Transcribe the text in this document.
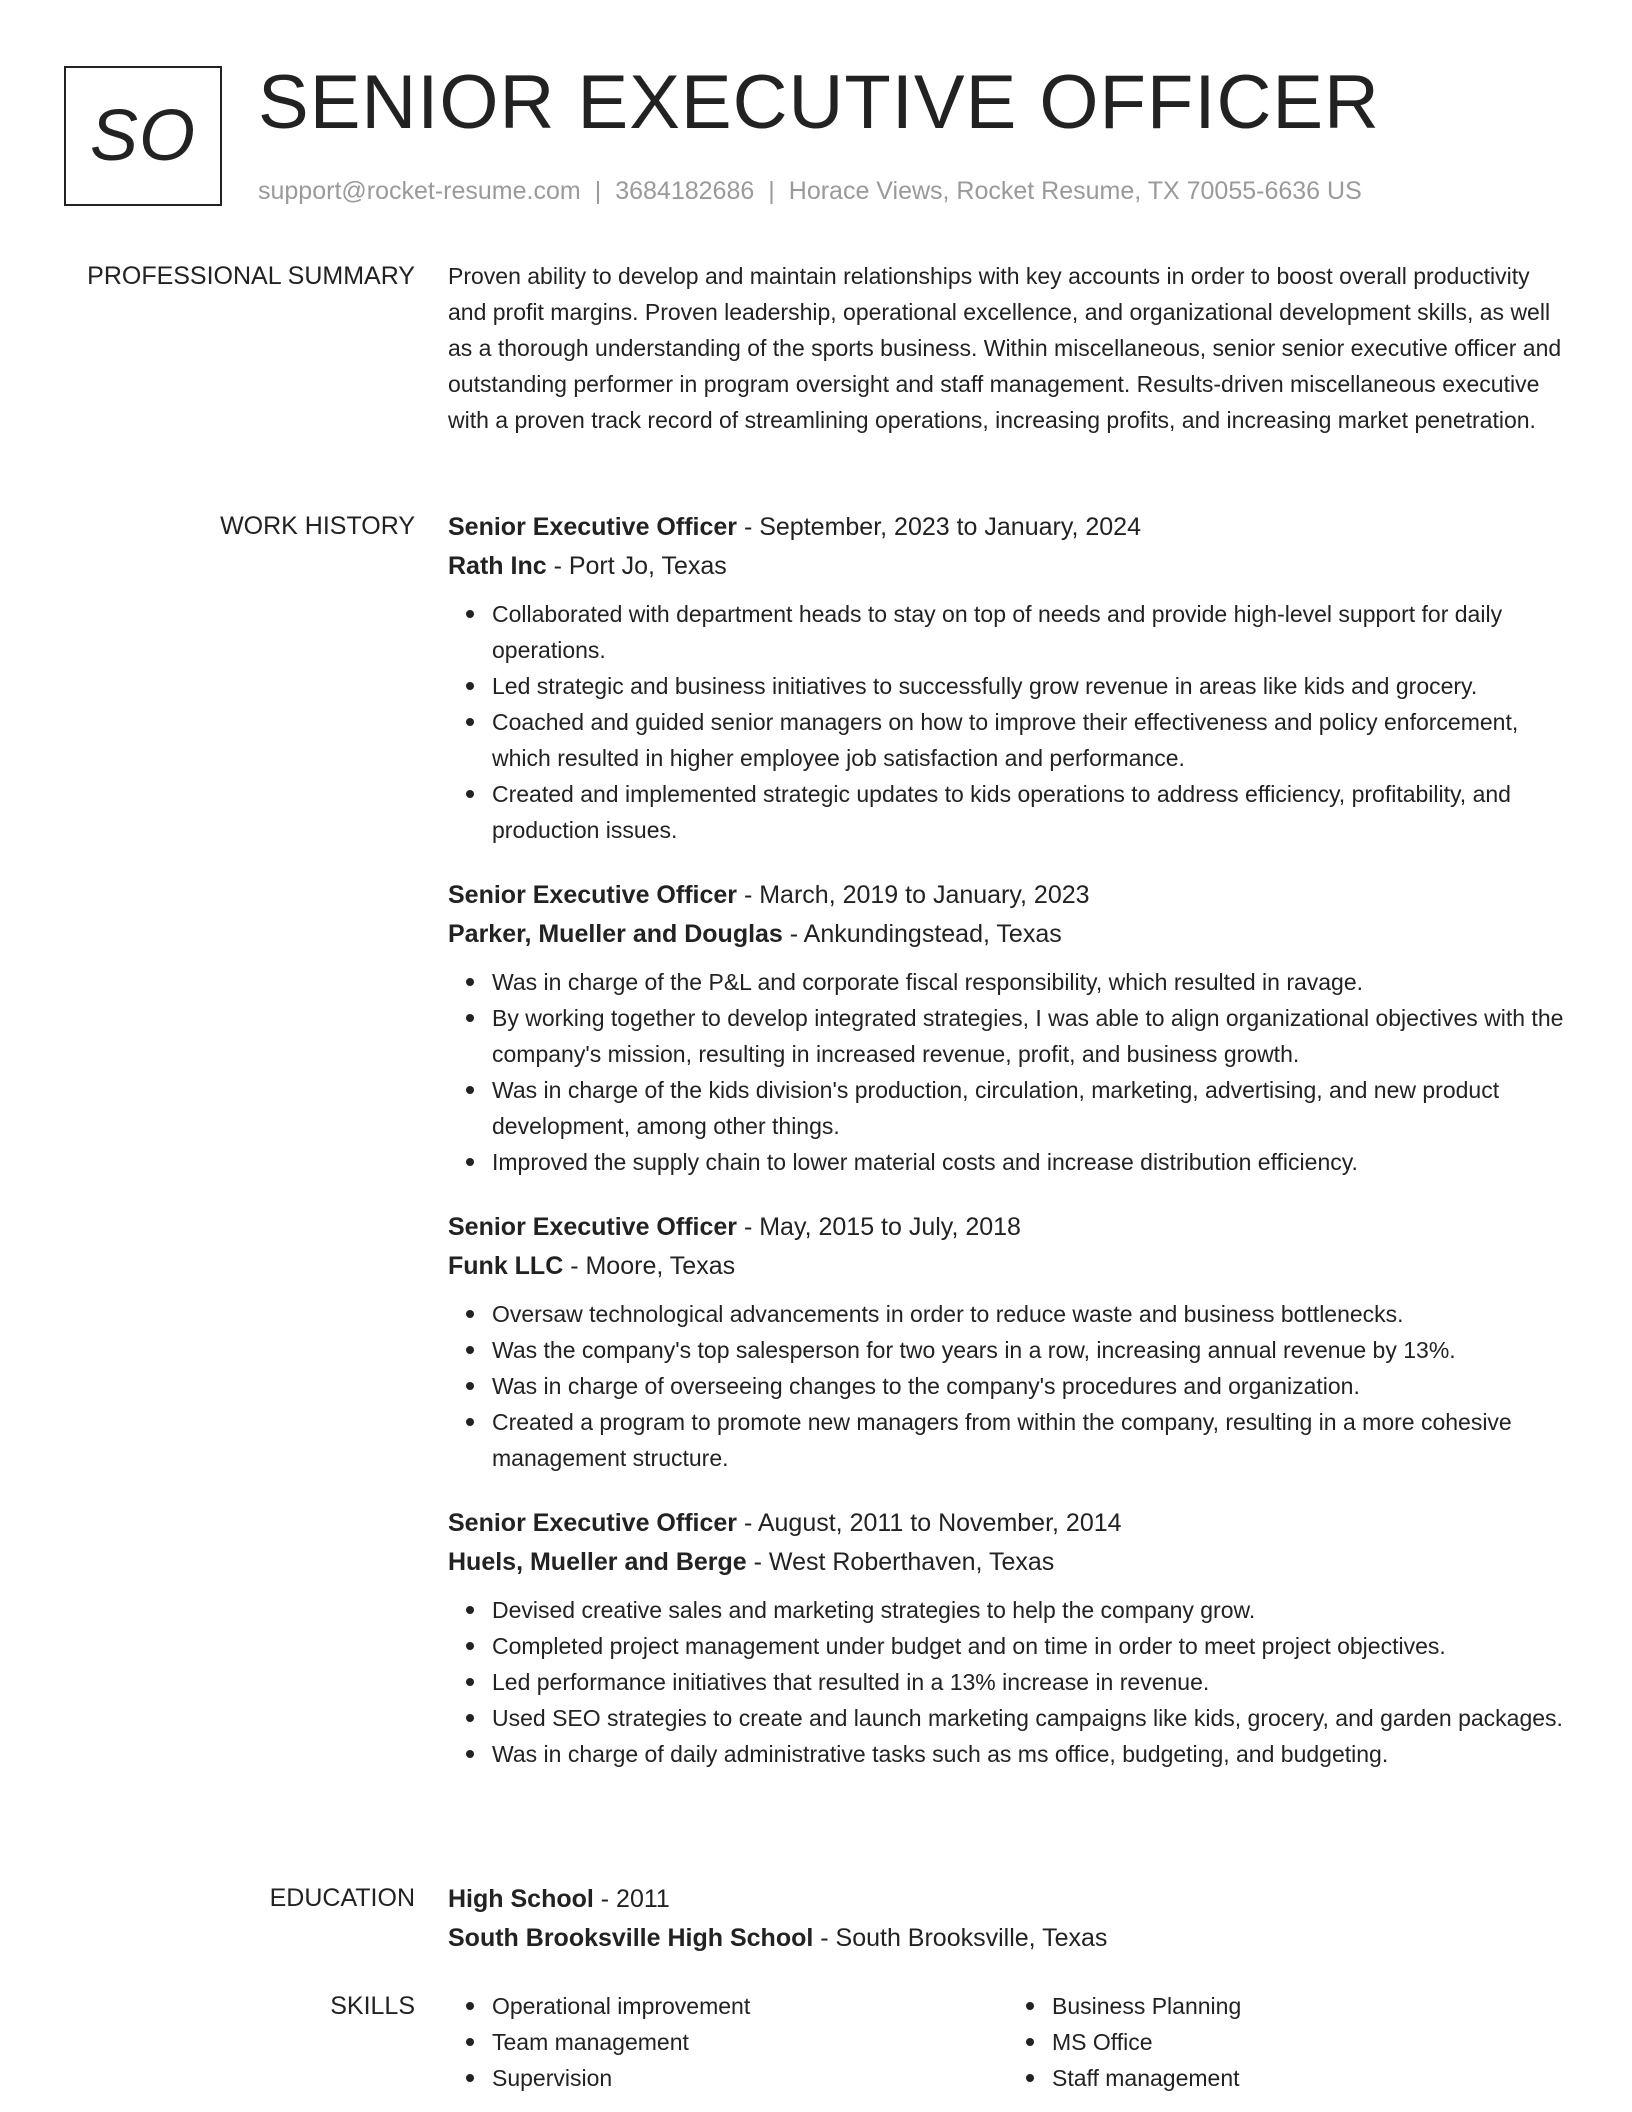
SO SENIOR EXECUTIVE OFFICER
support@rocket-resume.com | 3684182686 | Horace Views, Rocket Resume, TX 70055-6636 US
PROFESSIONAL SUMMARY Proven ability to develop and maintain relationships with key accounts in order to boost overall productivity and profit margins. Proven leadership, operational excellence, and organizational development skills, as well as a thorough understanding of the sports business. Within miscellaneous, senior senior executive officer and outstanding performer in program oversight and staff management. Results-driven miscellaneous executive with a proven track record of streamlining operations, increasing profits, and increasing market penetration.

WORK HISTORY Senior Executive Officer - September, 2023 to January, 2024
Rath Inc - Port Jo, Texas
Collaborated with department heads to stay on top of needs and provide high-level support for daily operations.
Led strategic and business initiatives to successfully grow revenue in areas like kids and grocery.
Coached and guided senior managers on how to improve their effectiveness and policy enforcement, which resulted in higher employee job satisfaction and performance.
Created and implemented strategic updates to kids operations to address efficiency, profitability, and production issues.
Senior Executive Officer - March, 2019 to January, 2023
Parker, Mueller and Douglas - Ankundingstead, Texas
Was in charge of the P&L and corporate fiscal responsibility, which resulted in ravage.
By working together to develop integrated strategies, I was able to align organizational objectives with the company's mission, resulting in increased revenue, profit, and business growth.
Was in charge of the kids division's production, circulation, marketing, advertising, and new product development, among other things.
Improved the supply chain to lower material costs and increase distribution efficiency.
Senior Executive Officer - May, 2015 to July, 2018
Funk LLC - Moore, Texas
Oversaw technological advancements in order to reduce waste and business bottlenecks.
Was the company's top salesperson for two years in a row, increasing annual revenue by 13%.
Was in charge of overseeing changes to the company's procedures and organization.
Created a program to promote new managers from within the company, resulting in a more cohesive management structure.
Senior Executive Officer - August, 2011 to November, 2014
Huels, Mueller and Berge - West Roberthaven, Texas
Devised creative sales and marketing strategies to help the company grow.
Completed project management under budget and on time in order to meet project objectives.
Led performance initiatives that resulted in a 13% increase in revenue.
Used SEO strategies to create and launch marketing campaigns like kids, grocery, and garden packages.
Was in charge of daily administrative tasks such as ms office, budgeting, and budgeting.
EDUCATION High School - 2011
South Brooksville High School - South Brooksville, Texas
SKILLS	Operational improvement
Team management
Supervision
Business Planning
MS Office
Staff management
